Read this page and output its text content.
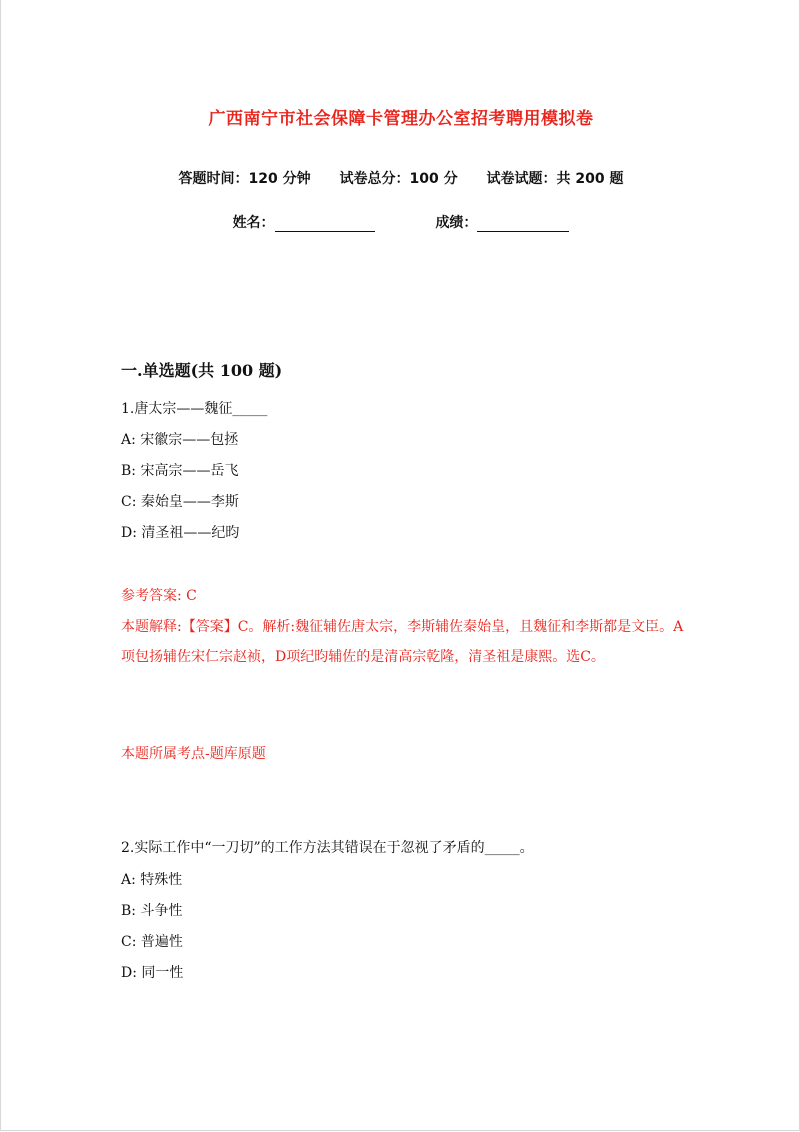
广西南宁市社会保障卡管理办公室招考聘用模拟卷
答题时间：120 分钟 试卷总分：100 分 试卷试题：共 200 题
姓名：	成绩：
一.单选题(共 100 题)
1.唐太宗——魏征_____
A: 宋徽宗——包拯
B: 宋高宗——岳飞
C: 秦始皇——李斯
D: 清圣祖——纪昀
参考答案: C
本题解释:【答案】C。解析:魏征辅佐唐太宗，李斯辅佐秦始皇，且魏征和李斯都是文臣。A项包扬辅佐宋仁宗赵祯，D项纪昀辅佐的是清高宗乾隆，清圣祖是康熙。选C。
本题所属考点-题库原题
2.实际工作中“一刀切”的工作方法其错误在于忽视了矛盾的_____。
A: 特殊性
B: 斗争性
C: 普遍性
D: 同一性
